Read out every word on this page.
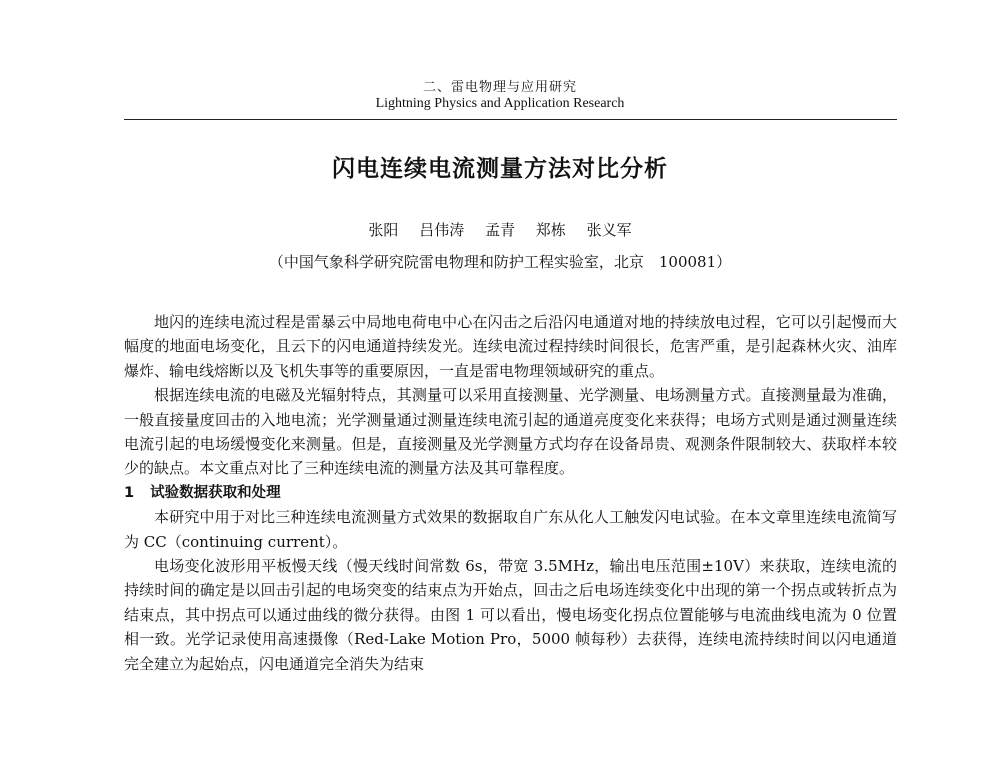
二、雷电物理与应用研究
Lightning Physics and Application Research
闪电连续电流测量方法对比分析
张阳 吕伟涛 孟青 郑栋 张义军
（中国气象科学研究院雷电物理和防护工程实验室，北京　100081）

地闪的连续电流过程是雷暴云中局地电荷电中心在闪击之后沿闪电通道对地的持续放电过程，它可以引起慢而大幅度的地面电场变化，且云下的闪电通道持续发光。连续电流过程持续时间很长，危害严重，是引起森林火灾、油库爆炸、输电线熔断以及飞机失事等的重要原因，一直是雷电物理领域研究的重点。

根据连续电流的电磁及光辐射特点，其测量可以采用直接测量、光学测量、电场测量方式。直接测量最为准确，一般直接量度回击的入地电流；光学测量通过测量连续电流引起的通道亮度变化来获得；电场方式则是通过测量连续电流引起的电场缓慢变化来测量。但是，直接测量及光学测量方式均存在设备昂贵、观测条件限制较大、获取样本较少的缺点。本文重点对比了三种连续电流的测量方法及其可靠程度。

1 试验数据获取和处理

本研究中用于对比三种连续电流测量方式效果的数据取自广东从化人工触发闪电试验。在本文章里连续电流简写为 CC（continuing current）。

电场变化波形用平板慢天线（慢天线时间常数 6s，带宽 3.5MHz，输出电压范围±10V）来获取，连续电流的持续时间的确定是以回击引起的电场突变的结束点为开始点，回击之后电场连续变化中出现的第一个拐点或转折点为结束点，其中拐点可以通过曲线的微分获得。由图 1 可以看出，慢电场变化拐点位置能够与电流曲线电流为 0 位置相一致。光学记录使用高速摄像（Red-Lake Motion Pro，5000 帧每秒）去获得，连续电流持续时间以闪电通道完全建立为起始点，闪电通道完全消失为结束
